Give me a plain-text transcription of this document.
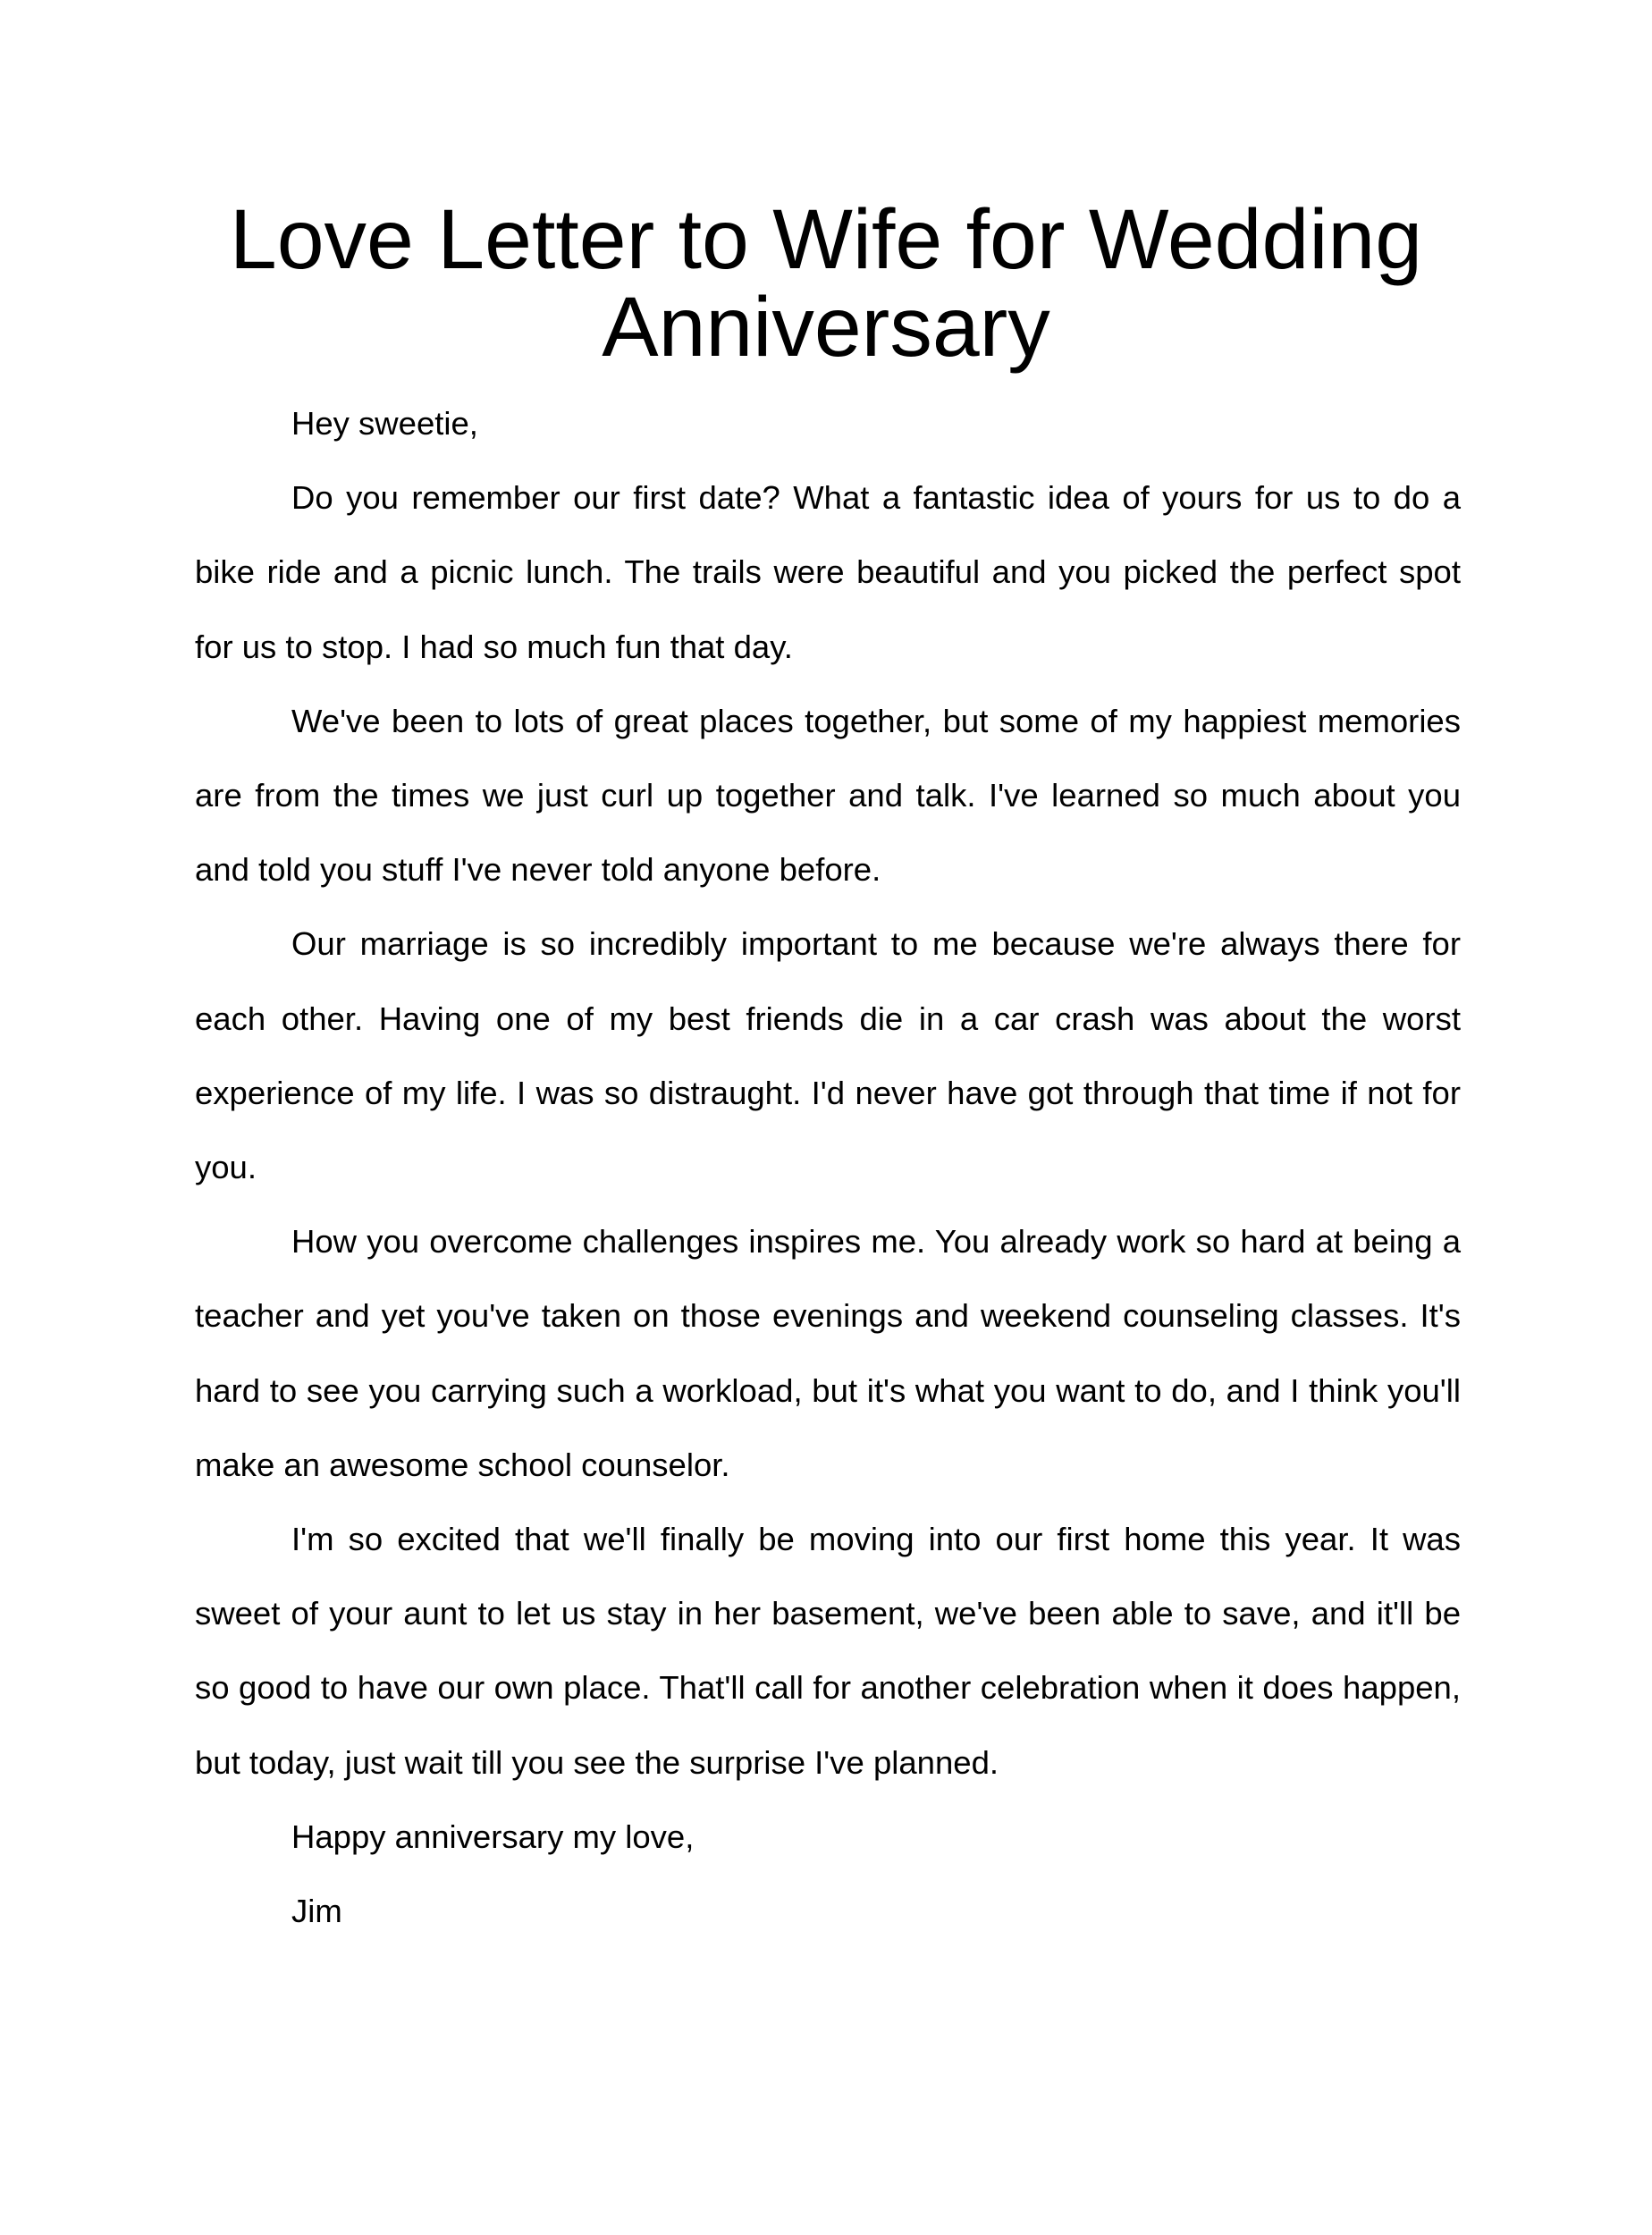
Love Letter to Wife for Wedding
Anniversary

Hey sweetie,

Do you remember our first date? What a fantastic idea of yours for us to do a bike ride and a picnic lunch. The trails were beautiful and you picked the perfect spot for us to stop. I had so much fun that day.

We've been to lots of great places together, but some of my happiest memories are from the times we just curl up together and talk. I've learned so much about you and told you stuff I've never told anyone before.

Our marriage is so incredibly important to me because we're always there for each other. Having one of my best friends die in a car crash was about the worst experience of my life. I was so distraught. I'd never have got through that time if not for you.

How you overcome challenges inspires me. You already work so hard at being a teacher and yet you've taken on those evenings and weekend counseling classes. It's hard to see you carrying such a workload, but it's what you want to do, and I think you'll make an awesome school counselor.

I'm so excited that we'll finally be moving into our first home this year. It was sweet of your aunt to let us stay in her basement, we've been able to save, and it'll be so good to have our own place. That'll call for another celebration when it does happen, but today, just wait till you see the surprise I've planned.

Happy anniversary my love,

Jim
